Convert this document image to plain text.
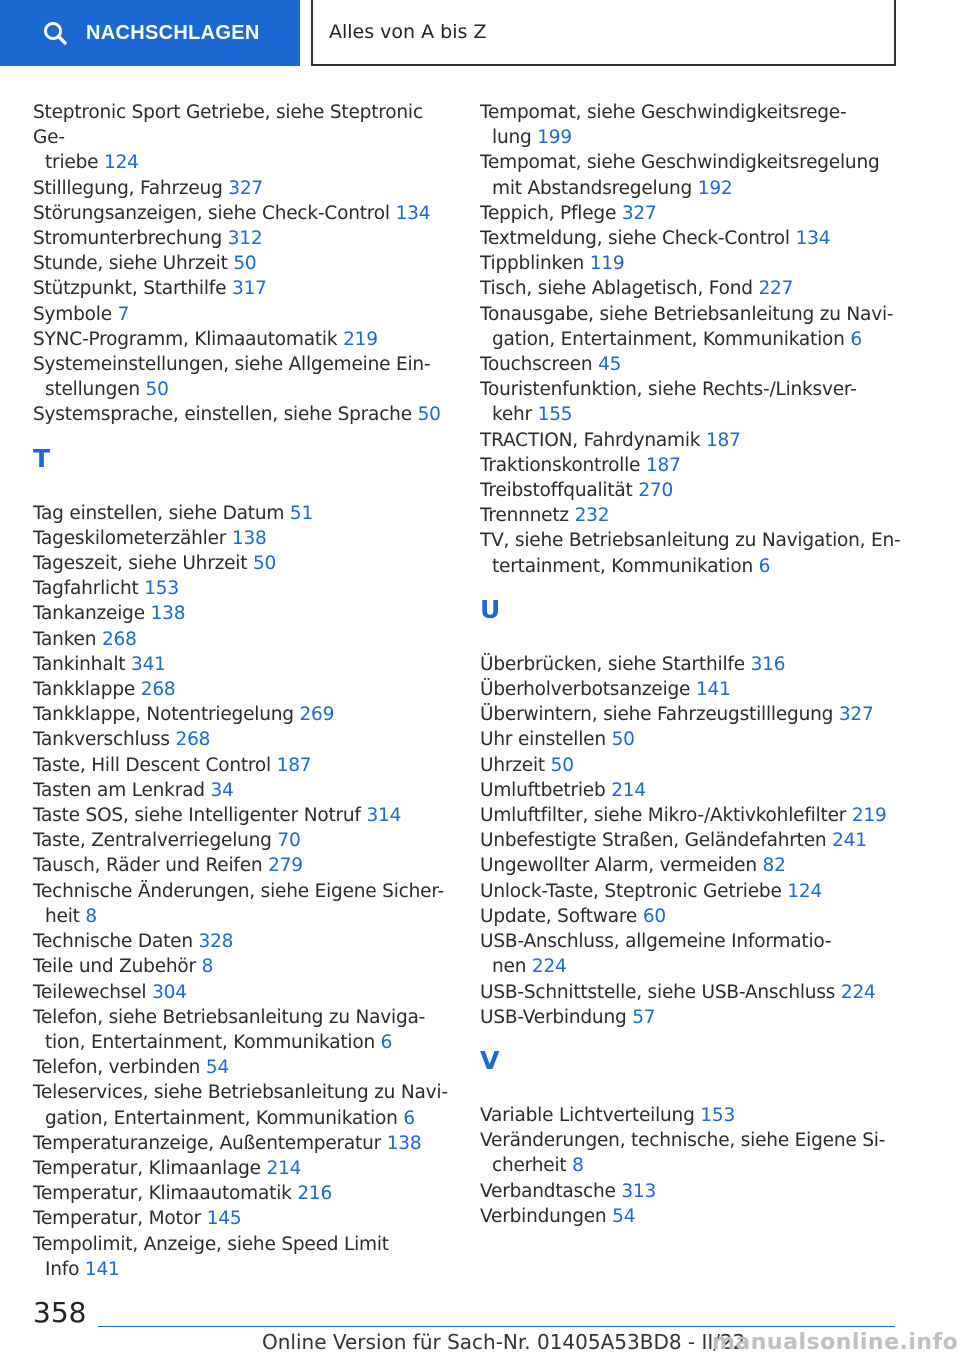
NACHSCHLAGEN	Alles von A bis Z
Steptronic Sport Getriebe, siehe Steptronic Ge-
triebe 124
Stilllegung, Fahrzeug 327
Störungsanzeigen, siehe Check-Control 134
Stromunterbrechung 312
Stunde, siehe Uhrzeit 50
Stützpunkt, Starthilfe 317
Symbole 7
SYNC-Programm, Klimaautomatik 219
Systemeinstellungen, siehe Allgemeine Ein-
stellungen 50
Systemsprache, einstellen, siehe Sprache 50
T
Tag einstellen, siehe Datum 51
Tageskilometerzähler 138
Tageszeit, siehe Uhrzeit 50
Tagfahrlicht 153
Tankanzeige 138
Tanken 268
Tankinhalt 341
Tankklappe 268
Tankklappe, Notentriegelung 269
Tankverschluss 268
Taste, Hill Descent Control 187
Tasten am Lenkrad 34
Taste SOS, siehe Intelligenter Notruf 314
Taste, Zentralverriegelung 70
Tausch, Räder und Reifen 279
Technische Änderungen, siehe Eigene Sicher-
heit 8
Technische Daten 328
Teile und Zubehör 8
Teilewechsel 304
Telefon, siehe Betriebsanleitung zu Naviga-
tion, Entertainment, Kommunikation 6
Telefon, verbinden 54
Teleservices, siehe Betriebsanleitung zu Navi-
gation, Entertainment, Kommunikation 6
Temperaturanzeige, Außentemperatur 138
Temperatur, Klimaanlage 214
Temperatur, Klimaautomatik 216
Temperatur, Motor 145
Tempolimit, Anzeige, siehe Speed Limit
Info 141
Tempomat, siehe Geschwindigkeitsrege-
lung 199
Tempomat, siehe Geschwindigkeitsregelung
mit Abstandsregelung 192
Teppich, Pflege 327
Textmeldung, siehe Check-Control 134
Tippblinken 119
Tisch, siehe Ablagetisch, Fond 227
Tonausgabe, siehe Betriebsanleitung zu Navi-
gation, Entertainment, Kommunikation 6
Touchscreen 45
Touristenfunktion, siehe Rechts-/Linksver-
kehr 155
TRACTION, Fahrdynamik 187
Traktionskontrolle 187
Treibstoffqualität 270
Trennnetz 232
TV, siehe Betriebsanleitung zu Navigation, En-
tertainment, Kommunikation 6
U
Überbrücken, siehe Starthilfe 316
Überholverbotsanzeige 141
Überwintern, siehe Fahrzeugstilllegung 327
Uhr einstellen 50
Uhrzeit 50
Umluftbetrieb 214
Umluftfilter, siehe Mikro-/Aktivkohlefilter 219
Unbefestigte Straßen, Geländefahrten 241
Ungewollter Alarm, vermeiden 82
Unlock-Taste, Steptronic Getriebe 124
Update, Software 60
USB-Anschluss, allgemeine Informatio-
nen 224
USB-Schnittstelle, siehe USB-Anschluss 224
USB-Verbindung 57
V
Variable Lichtverteilung 153
Veränderungen, technische, siehe Eigene Si-
cherheit 8
Verbandtasche 313
Verbindungen 54
358
Online Version für Sach-Nr. 01405A53BD8 - II/22
manualsonline.info
